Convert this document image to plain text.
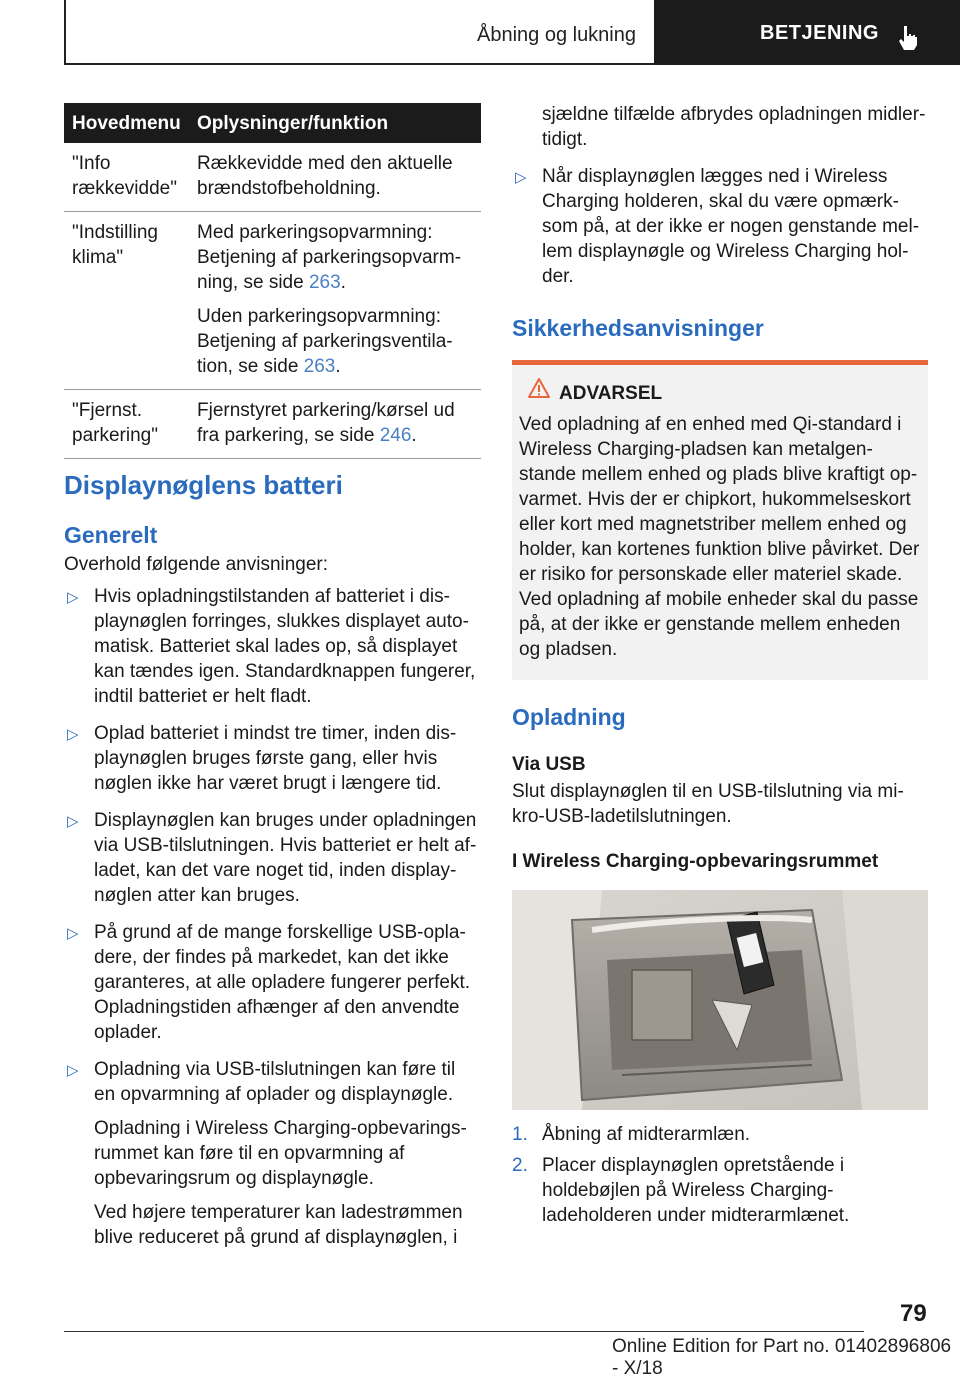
Åbning og lukning	BETJENING
Hovedmenu	Oplysninger/funktion
"Info rækkevidde"	Rækkevidde med den aktuelle brændstofbeholdning.

"Indstilling klima"	Med parkeringsopvarmning: Betjening af parkeringsopvarmning, se side 263.

Uden parkeringsopvarmning: Betjening af parkeringsventilation, se side 263.

"Fjernst. parkering"	Fjernstyret parkering/kørsel ud fra parkering, se side 246.

Displaynøglens batteri
Generelt

Overhold følgende anvisninger:

▷ Hvis opladningstilstanden af batteriet i displaynøglen forringes, slukkes displayet automatisk. Batteriet skal lades op, så displayet kan tændes igen. Standardknappen fungerer, indtil batteriet er helt fladt.
▷ Oplad batteriet i mindst tre timer, inden displaynøglen bruges første gang, eller hvis nøglen ikke har været brugt i længere tid.
▷ Displaynøglen kan bruges under opladningen via USB-tilslutningen. Hvis batteriet er helt afladet, kan det vare noget tid, inden displaynøglen atter kan bruges.
▷ På grund af de mange forskellige USB-opladere, der findes på markedet, kan det ikke garanteres, at alle opladere fungerer perfekt. Opladningstiden afhænger af den anvendte oplader.
▷ Opladning via USB-tilslutningen kan føre til en opvarmning af oplader og displaynøgle.

Opladning i Wireless Charging-opbevaringsrummet kan føre til en opvarmning af opbevaringsrum og displaynøgle.

Ved højere temperaturer kan ladestrømmen blive reduceret på grund af displaynøglen, i

sjældne tilfælde afbrydes opladningen midlertidigt.
▷ Når displaynøglen lægges ned i Wireless Charging holderen, skal du være opmærksom på, at der ikke er nogen genstande mellem displaynøgle og Wireless Charging holder.
Sikkerhedsanvisninger
ADVARSEL

Ved opladning af en enhed med Qi-standard i Wireless Charging-pladsen kan metalgenstande mellem enhed og plads blive kraftigt opvarmet. Hvis der er chipkort, hukommelseskort eller kort med magnetstriber mellem enhed og holder, kan kortenes funktion blive påvirket. Der er risiko for personskade eller materiel skade. Ved opladning af mobile enheder skal du passe på, at der ikke er genstande mellem enheden og pladsen.

Opladning
Via USB

Slut displaynøglen til en USB-tilslutning via mikro-USB-ladetilslutningen.

I Wireless Charging-opbevaringsrummet
1. Åbning af midterarmlæn.
2. Placer displaynøglen opretstående i holdebøjlen på Wireless Charging-ladeholderen under midterarmlænet.
79
Online Edition for Part no. 01402896806 - X/18
